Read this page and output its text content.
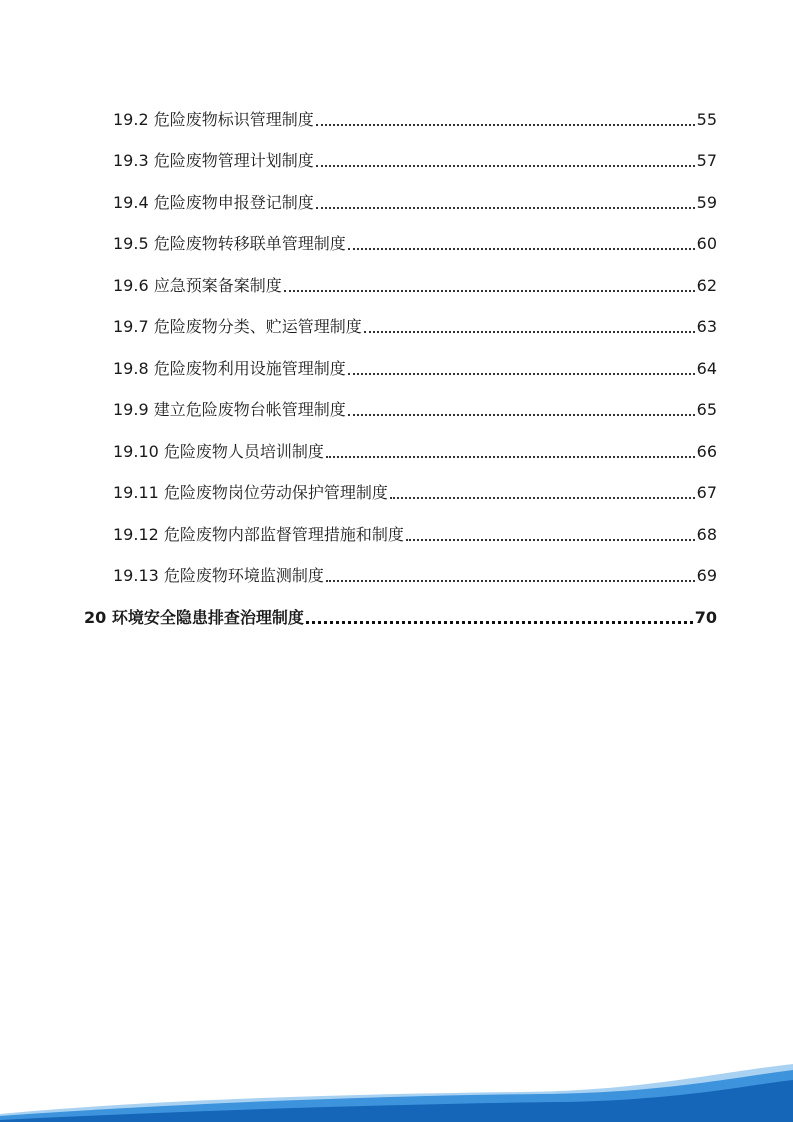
19.2 危险废物标识管理制度	55
19.3 危险废物管理计划制度	57
19.4 危险废物申报登记制度	59
19.5 危险废物转移联单管理制度	60
19.6 应急预案备案制度	62
19.7 危险废物分类、贮运管理制度	63
19.8 危险废物利用设施管理制度	64
19.9 建立危险废物台帐管理制度	65
19.10 危险废物人员培训制度	66
19.11 危险废物岗位劳动保护管理制度	67
19.12 危险废物内部监督管理措施和制度	68
19.13 危险废物环境监测制度	69
20 环境安全隐患排查治理制度	70
